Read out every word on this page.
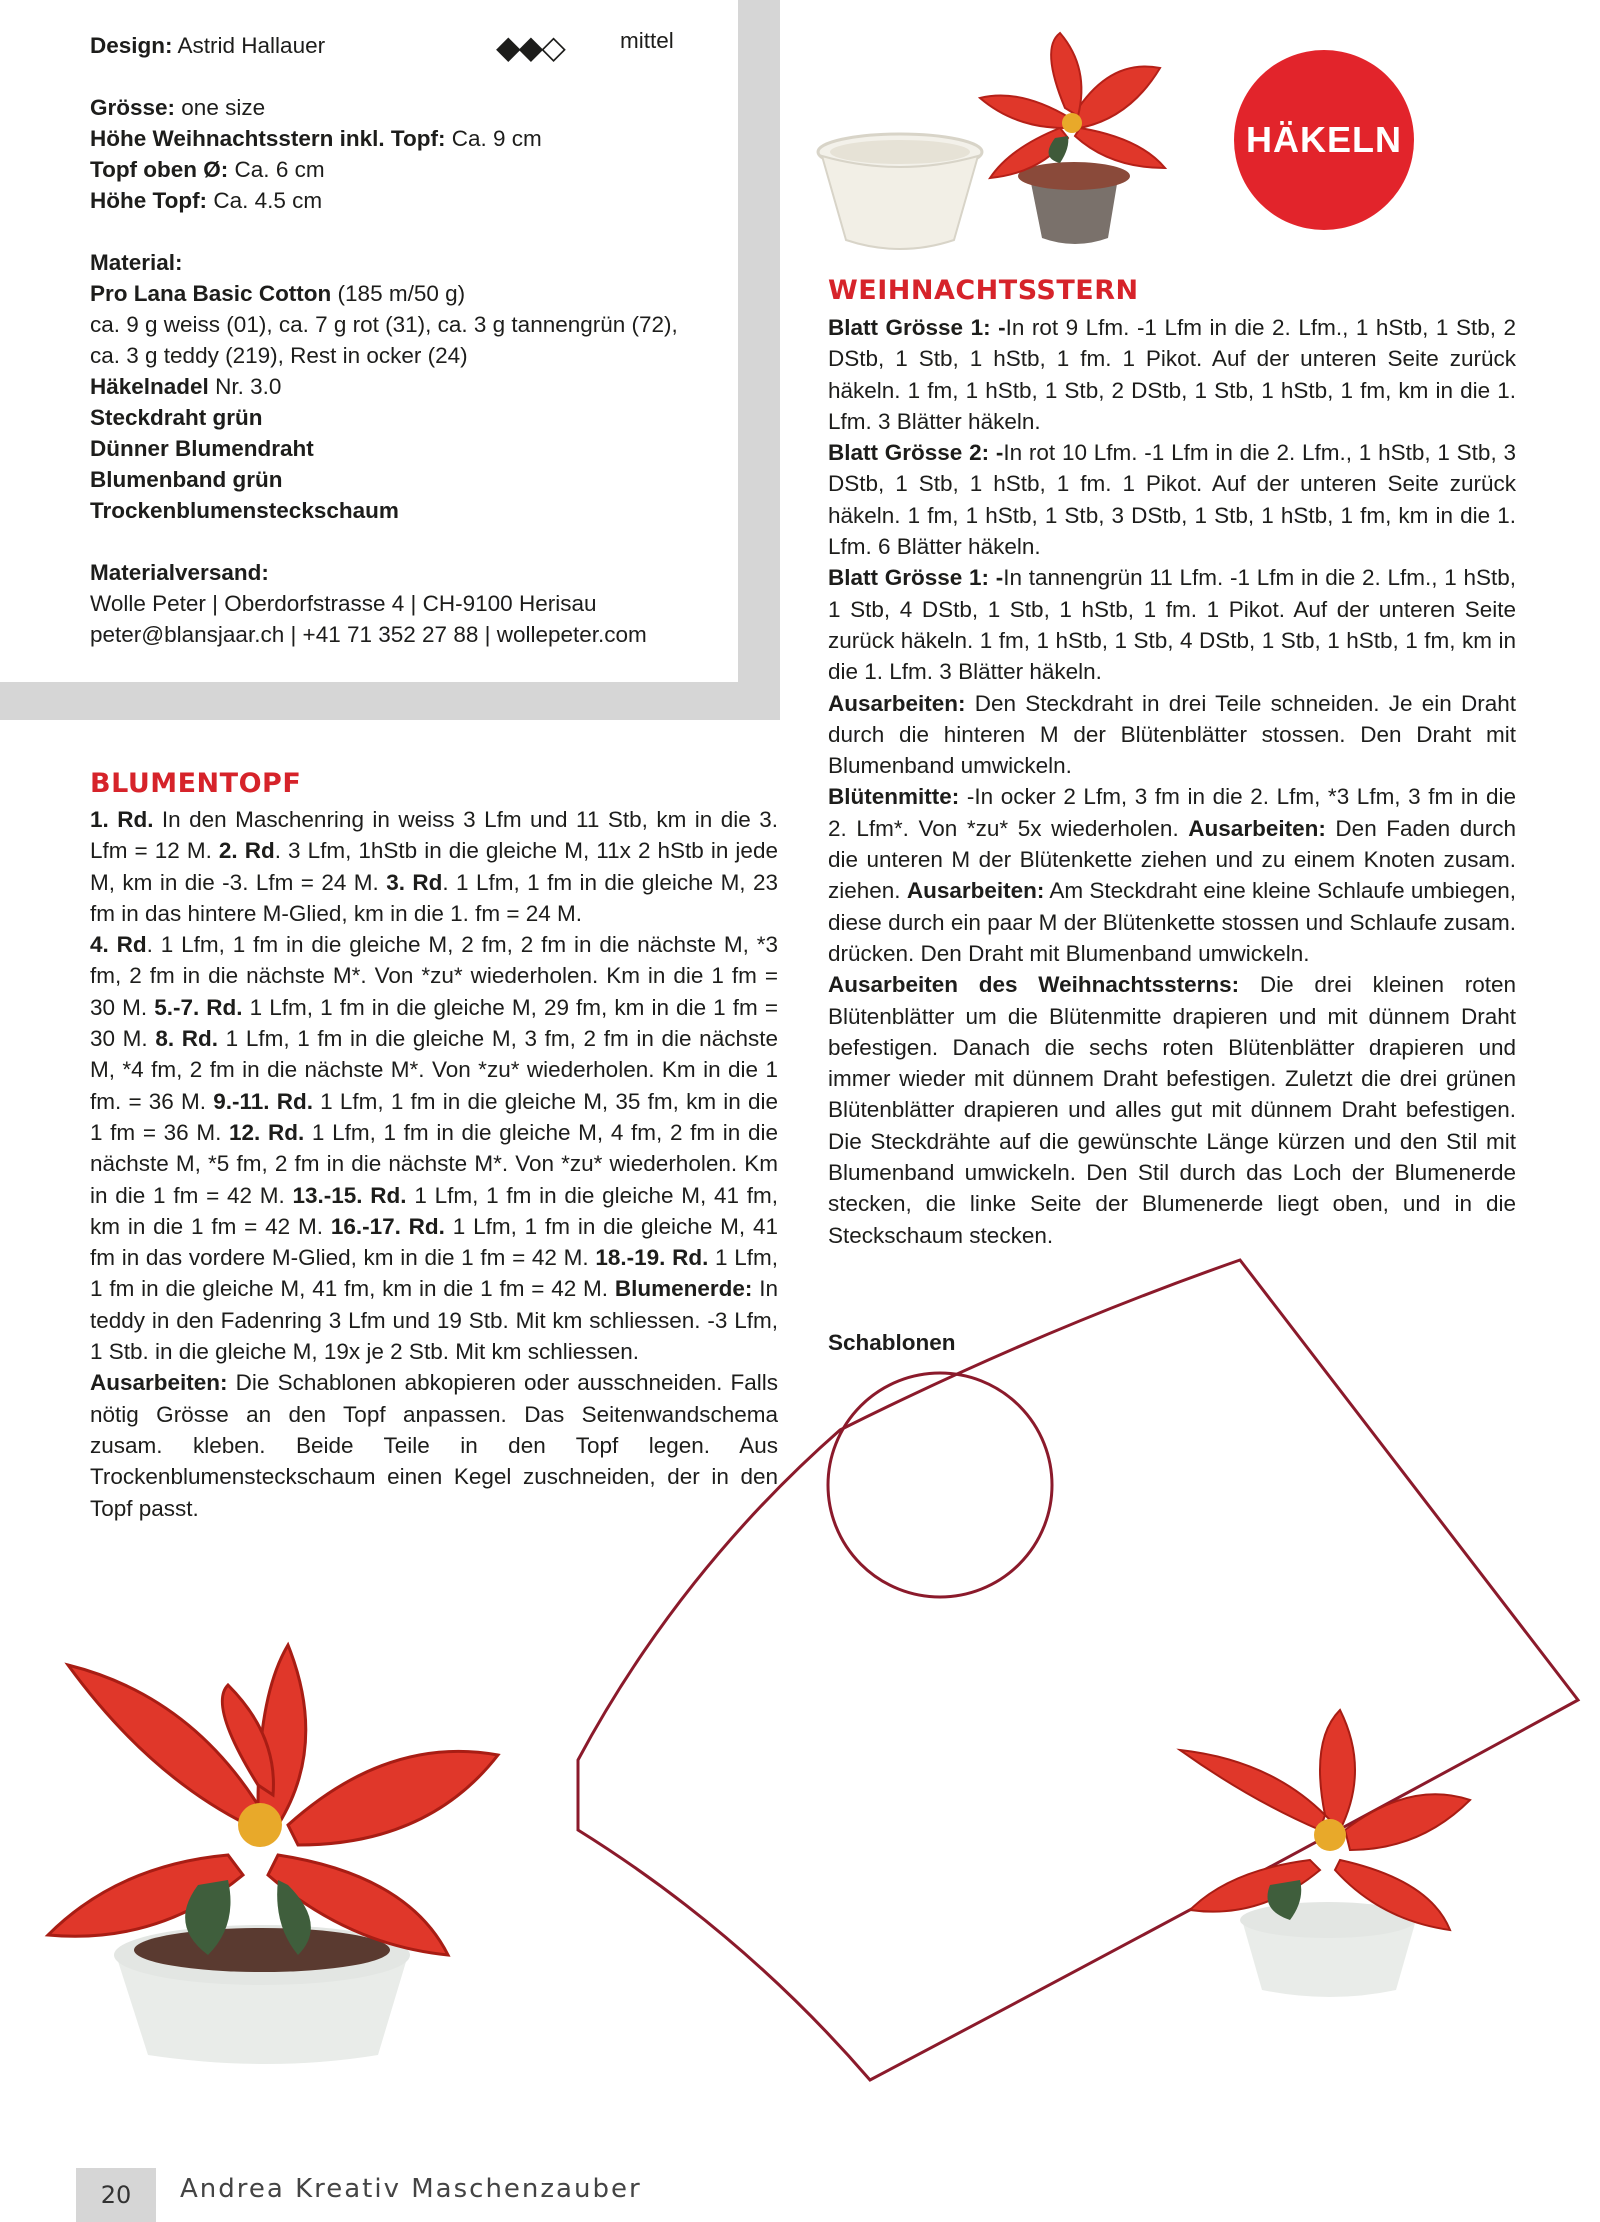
Design: Astrid Hallauer
Grösse: one size
Höhe Weihnachtsstern inkl. Topf: Ca. 9 cm
Topf oben Ø: Ca. 6 cm
Höhe Topf: Ca. 4.5 cm
Material:
Pro Lana Basic Cotton (185 m/50 g)
ca. 9 g weiss (01), ca. 7 g rot (31), ca. 3 g tannengrün (72),
ca. 3 g teddy (219), Rest in ocker (24)
Häkelnadel Nr. 3.0
Steckdraht grün
Dünner Blumendraht
Blumenband grün
Trockenblumensteckschaum
Materialversand:
Wolle Peter | Oberdorfstrasse 4 | CH-9100 Herisau
peter@blansjaar.ch | +41 71 352 27 88 | wollepeter.com
◆◆◇ mittel
HÄKELN
BLUMENTOPF

1. Rd. In den Maschenring in weiss 3 Lfm und 11 Stb, km in die 3. Lfm = 12 M. 2. Rd. 3 Lfm, 1hStb in die gleiche M, 11x 2 hStb in jede M, km in die -3. Lfm = 24 M. 3. Rd. 1 Lfm, 1 fm in die gleiche M, 23 fm in das hintere M-Glied, km in die 1. fm = 24 M.

4. Rd. 1 Lfm, 1 fm in die gleiche M, 2 fm, 2 fm in die nächste M, *3 fm, 2 fm in die nächste M*. Von *zu* wiederholen. Km in die 1 fm = 30 M. 5.-7. Rd. 1 Lfm, 1 fm in die gleiche M, 29 fm, km in die 1 fm = 30 M. 8. Rd. 1 Lfm, 1 fm in die gleiche M, 3 fm, 2 fm in die nächste M, *4 fm, 2 fm in die nächste M*. Von *zu* wiederholen. Km in die 1 fm. = 36 M. 9.-11. Rd. 1 Lfm, 1 fm in die gleiche M, 35 fm, km in die 1 fm = 36 M. 12. Rd. 1 Lfm, 1 fm in die gleiche M, 4 fm, 2 fm in die nächste M, *5 fm, 2 fm in die nächste M*. Von *zu* wiederholen. Km in die 1 fm = 42 M. 13.-15. Rd. 1 Lfm, 1 fm in die gleiche M, 41 fm, km in die 1 fm = 42 M. 16.-17. Rd. 1 Lfm, 1 fm in die gleiche M, 41 fm in das vordere M-Glied, km in die 1 fm = 42 M. 18.-19. Rd. 1 Lfm, 1 fm in die gleiche M, 41 fm, km in die 1 fm = 42 M. Blumenerde: In teddy in den Fadenring 3 Lfm und 19 Stb. Mit km schliessen. -3 Lfm, 1 Stb. in die gleiche M, 19x je 2 Stb. Mit km schliessen.

Ausarbeiten: Die Schablonen abkopieren oder ausschneiden. Falls nötig Grösse an den Topf anpassen. Das Seitenwandschema zusam. kleben. Beide Teile in den Topf legen. Aus Trockenblumensteckschaum einen Kegel zuschneiden, der in den Topf passt.

WEIHNACHTSSTERN

Blatt Grösse 1: -In rot 9 Lfm. -1 Lfm in die 2. Lfm., 1 hStb, 1 Stb, 2 DStb, 1 Stb, 1 hStb, 1 fm. 1 Pikot. Auf der unteren Seite zurück häkeln. 1 fm, 1 hStb, 1 Stb, 2 DStb, 1 Stb, 1 hStb, 1 fm, km in die 1. Lfm. 3 Blätter häkeln.

Blatt Grösse 2: -In rot 10 Lfm. -1 Lfm in die 2. Lfm., 1 hStb, 1 Stb, 3 DStb, 1 Stb, 1 hStb, 1 fm. 1 Pikot. Auf der unteren Seite zurück häkeln. 1 fm, 1 hStb, 1 Stb, 3 DStb, 1 Stb, 1 hStb, 1 fm, km in die 1. Lfm. 6 Blätter häkeln.

Blatt Grösse 1: -In tannengrün 11 Lfm. -1 Lfm in die 2. Lfm., 1 hStb, 1 Stb, 4 DStb, 1 Stb, 1 hStb, 1 fm. 1 Pikot. Auf der unteren Seite zurück häkeln. 1 fm, 1 hStb, 1 Stb, 4 DStb, 1 Stb, 1 hStb, 1 fm, km in die 1. Lfm. 3 Blätter häkeln.

Ausarbeiten: Den Steckdraht in drei Teile schneiden. Je ein Draht durch die hinteren M der Blütenblätter stossen. Den Draht mit Blumenband umwickeln.

Blütenmitte: -In ocker 2 Lfm, 3 fm in die 2. Lfm, *3 Lfm, 3 fm in die 2. Lfm*. Von *zu* 5x wiederholen. Ausarbeiten: Den Faden durch die unteren M der Blütenkette ziehen und zu einem Knoten zusam. ziehen. Ausarbeiten: Am Steckdraht eine kleine Schlaufe umbiegen, diese durch ein paar M der Blütenkette stossen und Schlaufe zusam. drücken. Den Draht mit Blumenband umwickeln.

Ausarbeiten des Weihnachtssterns: Die drei kleinen roten Blütenblätter um die Blütenmitte drapieren und mit dünnem Draht befestigen. Danach die sechs roten Blütenblätter drapieren und immer wieder mit dünnem Draht befestigen. Zuletzt die drei grünen Blütenblätter drapieren und alles gut mit dünnem Draht befestigen. Die Steckdrähte auf die gewünschte Länge kürzen und den Stil mit Blumenband umwickeln. Den Stil durch das Loch der Blumenerde stecken, die linke Seite der Blumenerde liegt oben, und in die Steckschaum stecken.

Schablonen
20	Andrea Kreativ Maschenzauber
